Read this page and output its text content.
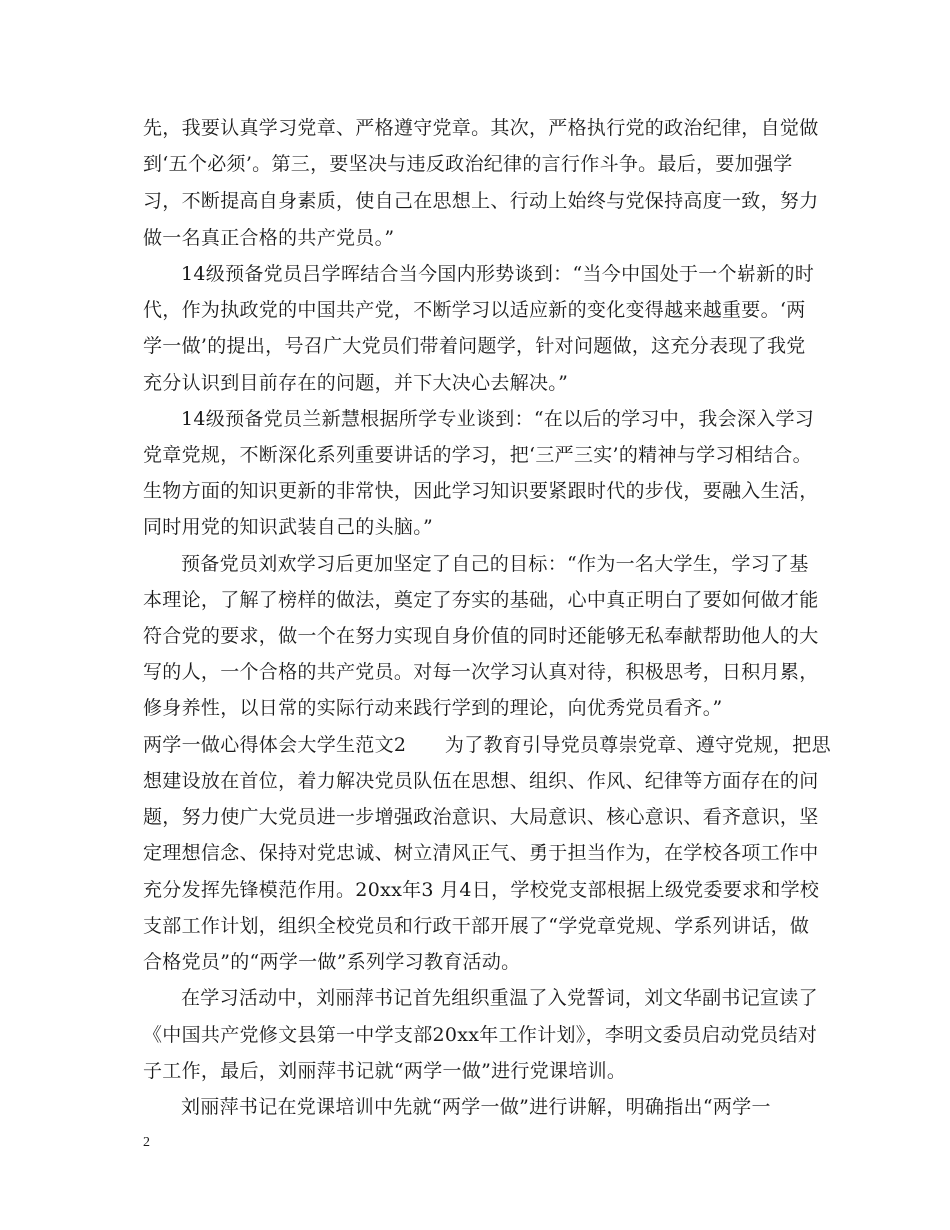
先，我要认真学习党章、严格遵守党章。其次，严格执行党的政治纪律，自觉做
到‘五个必须’。第三，要坚决与违反政治纪律的言行作斗争。最后，要加强学
习，不断提高自身素质，使自己在思想上、行动上始终与党保持高度一致，努力
做一名真正合格的共产党员。”
14级预备党员吕学晖结合当今国内形势谈到：“当今中国处于一个崭新的时
代，作为执政党的中国共产党，不断学习以适应新的变化变得越来越重要。‘两
学一做’的提出，号召广大党员们带着问题学，针对问题做，这充分表现了我党
充分认识到目前存在的问题，并下大决心去解决。”
14级预备党员兰新慧根据所学专业谈到：“在以后的学习中，我会深入学习
党章党规，不断深化系列重要讲话的学习，把‘三严三实’的精神与学习相结合。
生物方面的知识更新的非常快，因此学习知识要紧跟时代的步伐，要融入生活，
同时用党的知识武装自己的头脑。”
预备党员刘欢学习后更加坚定了自己的目标：“作为一名大学生，学习了基
本理论，了解了榜样的做法，奠定了夯实的基础，心中真正明白了要如何做才能
符合党的要求，做一个在努力实现自身价值的同时还能够无私奉献帮助他人的大
写的人，一个合格的共产党员。对每一次学习认真对待，积极思考，日积月累，
修身养性，以日常的实际行动来践行学到的理论，向优秀党员看齐。”
两学一做心得体会大学生范文2　　为了教育引导党员尊崇党章、遵守党规，把思
想建设放在首位，着力解决党员队伍在思想、组织、作风、纪律等方面存在的问
题，努力使广大党员进一步增强政治意识、大局意识、核心意识、看齐意识，坚
定理想信念、保持对党忠诚、树立清风正气、勇于担当作为，在学校各项工作中
充分发挥先锋模范作用。20xx年3 月4日，学校党支部根据上级党委要求和学校
支部工作计划，组织全校党员和行政干部开展了“学党章党规、学系列讲话，做
合格党员”的“两学一做”系列学习教育活动。
在学习活动中，刘丽萍书记首先组织重温了入党誓词，刘文华副书记宣读了
《中国共产党修文县第一中学支部20xx年工作计划》，李明文委员启动党员结对
子工作，最后，刘丽萍书记就“两学一做”进行党课培训。
刘丽萍书记在党课培训中先就“两学一做”进行讲解，明确指出“两学一
2
